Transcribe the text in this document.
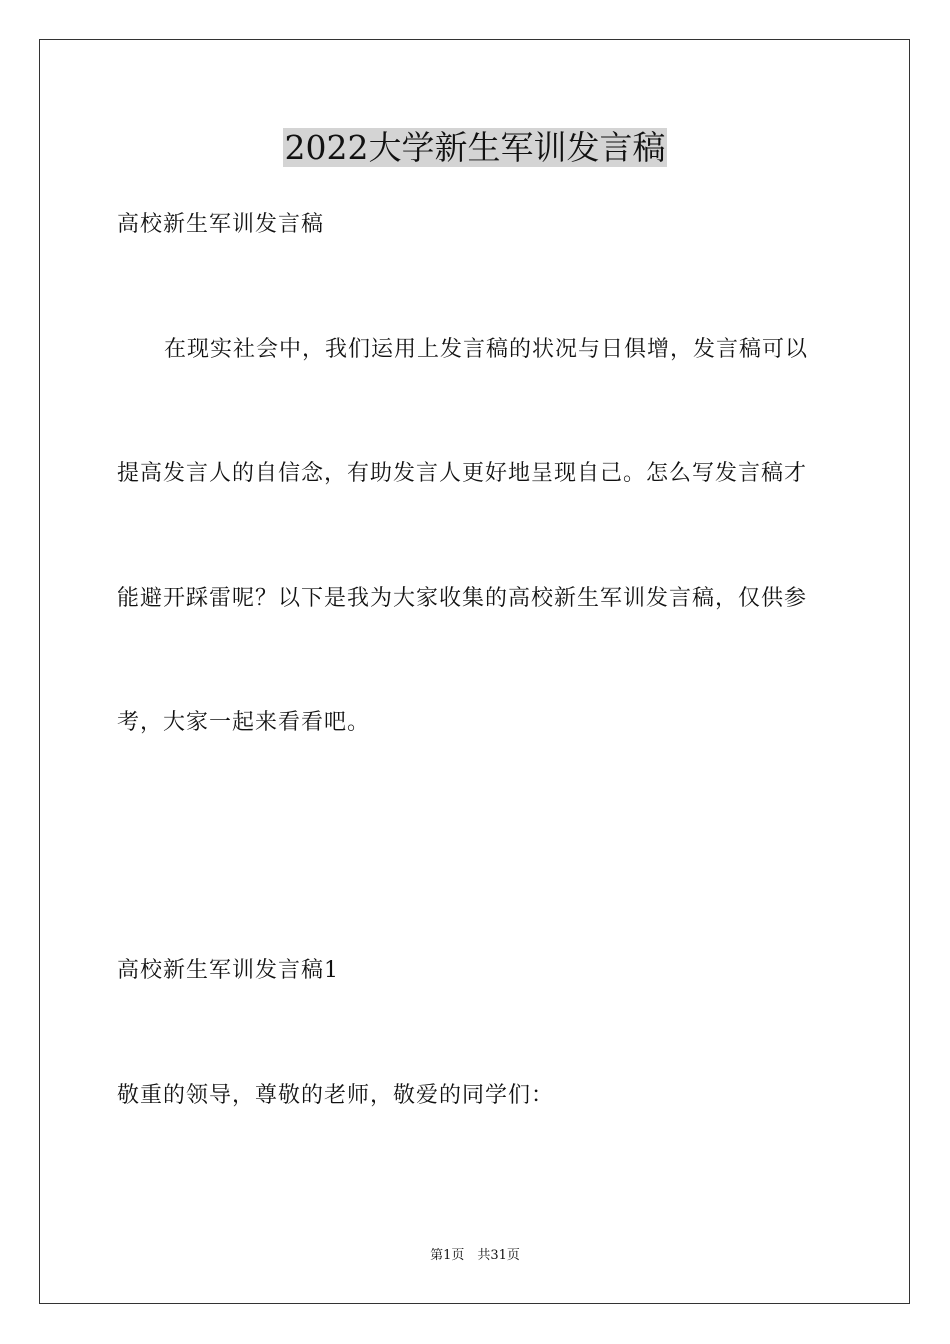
2022大学新生军训发言稿
高校新生军训发言稿
在现实社会中，我们运用上发言稿的状况与日俱增，发言稿可以
提高发言人的自信念，有助发言人更好地呈现自己。怎么写发言稿才
能避开踩雷呢？以下是我为大家收集的高校新生军训发言稿，仅供参
考，大家一起来看看吧。
高校新生军训发言稿1
敬重的领导，尊敬的老师，敬爱的同学们：
第1页　共31页
